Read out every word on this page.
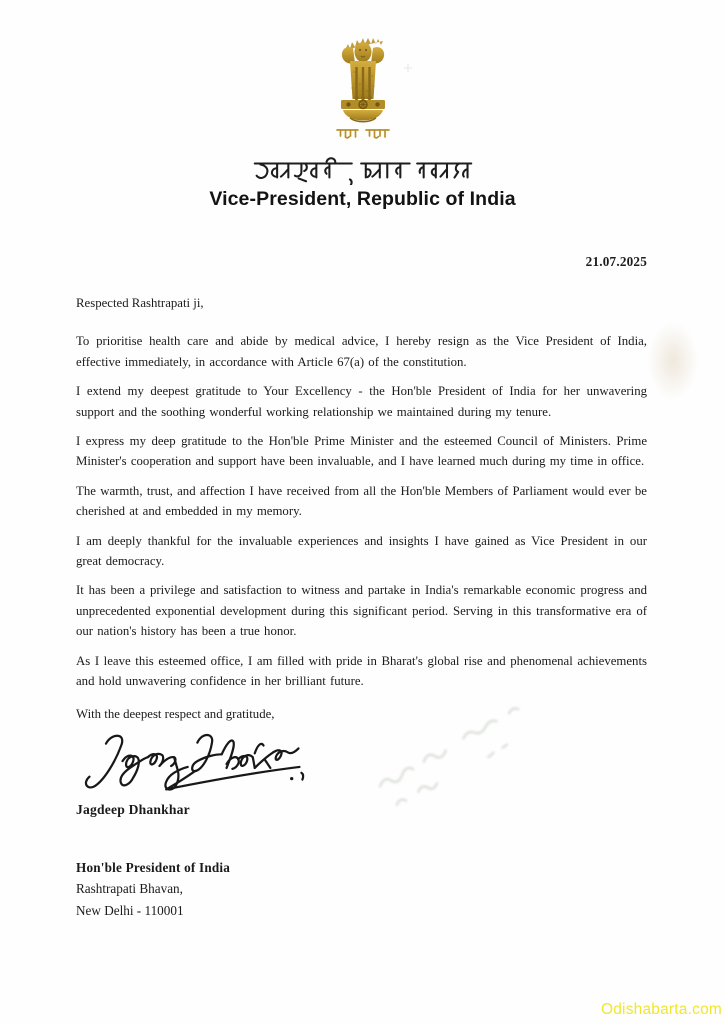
Vice-President, Republic of India
21.07.2025

Respected Rashtrapati ji,

To prioritise health care and abide by medical advice, I hereby resign as the Vice President of India, effective immediately, in accordance with Article 67(a) of the constitution.

I extend my deepest gratitude to Your Excellency - the Hon'ble President of India for her unwavering support and the soothing wonderful working relationship we maintained during my tenure.

I express my deep gratitude to the Hon'ble Prime Minister and the esteemed Council of Ministers. Prime Minister's cooperation and support have been invaluable, and I have learned much during my time in office.

The warmth, trust, and affection I have received from all the Hon'ble Members of Parliament would ever be cherished at and embedded in my memory.

I am deeply thankful for the invaluable experiences and insights I have gained as Vice President in our great democracy.

It has been a privilege and satisfaction to witness and partake in India's remarkable economic progress and unprecedented exponential development during this significant period. Serving in this transformative era of our nation's history has been a true honor.

As I leave this esteemed office, I am filled with pride in Bharat's global rise and phenomenal achievements and hold unwavering confidence in her brilliant future.

With the deepest respect and gratitude,

Jagdeep Dhankhar
Hon'ble President of India
Rashtrapati Bhavan,
New Delhi - 110001
Odishabarta.com
